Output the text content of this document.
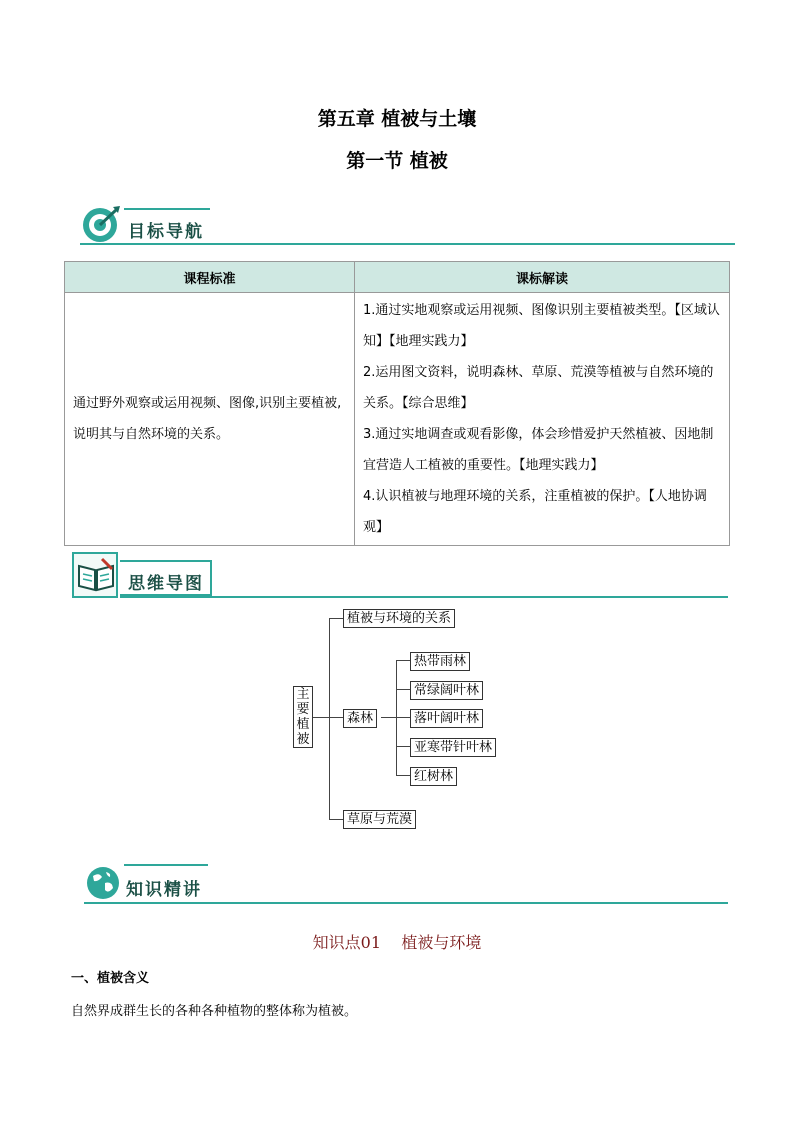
第五章 植被与土壤
第一节 植被
目标导航
课程标准	课标解读
通过野外观察或运用视频、图像,识别主要植被,说明其与自然环境的关系。	1.通过实地观察或运用视频、图像识别主要植被类型。【区域认知】【地理实践力】
2.运用图文资料，说明森林、草原、荒漠等植被与自然环境的关系。【综合思维】
3.通过实地调查或观看影像，体会珍惜爱护天然植被、因地制宜营造人工植被的重要性。【地理实践力】
4.认识植被与地理环境的关系，注重植被的保护。【人地协调观】
思维导图
主要植被
植被与环境的关系
森林
草原与荒漠
热带雨林
常绿阔叶林
落叶阔叶林
亚寒带针叶林
红树林
知识精讲
知识点01    植被与环境
一、植被含义
自然界成群生长的各种各种植物的整体称为植被。
